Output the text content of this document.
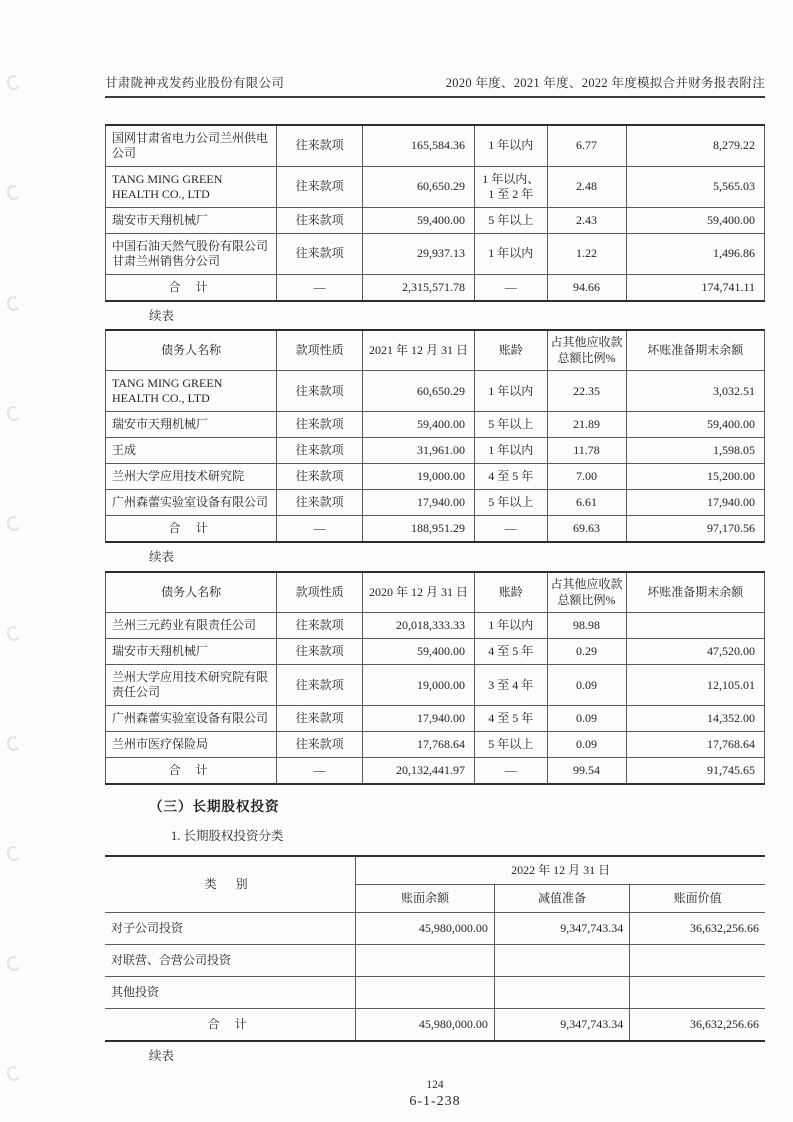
甘肃陇神戎发药业股份有限公司	2020 年度、2021 年度、2022 年度模拟合并财务报表附注
国网甘肃省电力公司兰州供电公司	往来款项	165,584.36	1 年以内	6.77	8,279.22
TANG MING GREEN HEALTH CO., LTD	往来款项	60,650.29	1 年以内、1 至 2 年	2.48	5,565.03
瑞安市天翔机械厂	往来款项	59,400.00	5 年以上	2.43	59,400.00
中国石油天然气股份有限公司甘肃兰州销售分公司	往来款项	29,937.13	1 年以内	1.22	1,496.86
合 计	—	2,315,571.78	—	94.66	174,741.11
续表
债务人名称	款项性质	2021 年 12 月 31 日	账龄	占其他应收款总额比例%	坏账准备期末余额
TANG MING GREEN HEALTH CO., LTD	往来款项	60,650.29	1 年以内	22.35	3,032.51
瑞安市天翔机械厂	往来款项	59,400.00	5 年以上	21.89	59,400.00
王成	往来款项	31,961.00	1 年以内	11.78	1,598.05
兰州大学应用技术研究院	往来款项	19,000.00	4 至 5 年	7.00	15,200.00
广州森蕾实验室设备有限公司	往来款项	17,940.00	5 年以上	6.61	17,940.00
合 计	—	188,951.29	—	69.63	97,170.56
续表
债务人名称	款项性质	2020 年 12 月 31 日	账龄	占其他应收款总额比例%	坏账准备期末余额
兰州三元药业有限责任公司	往来款项	20,018,333.33	1 年以内	98.98	
瑞安市天翔机械厂	往来款项	59,400.00	4 至 5 年	0.29	47,520.00
兰州大学应用技术研究院有限责任公司	往来款项	19,000.00	3 至 4 年	0.09	12,105.01
广州森蕾实验室设备有限公司	往来款项	17,940.00	4 至 5 年	0.09	14,352.00
兰州市医疗保险局	往来款项	17,768.64	5 年以上	0.09	17,768.64
合 计	—	20,132,441.97	—	99.54	91,745.65
（三）长期股权投资
1. 长期股权投资分类
类 别	2022 年 12 月 31 日		
	账面余额	减值准备	账面价值
对子公司投资	45,980,000.00	9,347,743.34	36,632,256.66
对联营、合营公司投资			
其他投资			
合 计	45,980,000.00	9,347,743.34	36,632,256.66
续表
124
6-1-238
